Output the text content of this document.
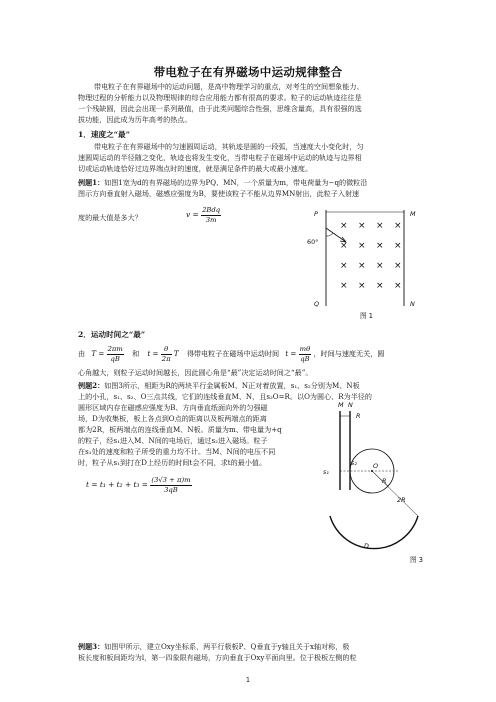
带电粒子在有界磁场中运动规律整合
带电粒子在有界磁场中的运动问题，是高中物理学习的重点，对考生的空间想象能力、
物理过程的分析能力以及物理规律的综合应用能力都有很高的要求。粒子的运动轨迹往往是
一个残缺圆，因此会出现一系列最值，由于此类问题综合性强，思维含量高，具有很强的选
拔功能，因此成为历年高考的热点。
1．速度之“最”
带电粒子在有界磁场中的匀速圆周运动，其轨迹是圆的一段弧，当速度大小变化时，匀
速圆周运动的半径随之变化，轨迹也将发生变化，当带电粒子在磁场中运动的轨迹与边界相
切或运动轨迹恰好过边界端点时的速度，就是满足条件的最大或最小速度。
例题1：如图1宽为d的有界磁场的边界为PQ、MN，一个质量为m，带电荷量为−q的微粒沿
图示方向垂直射入磁场，磁感应强度为B，要使该粒子不能从边界MN射出，此粒子入射速
$v = \frac{\text{2Bdq}}{3m}$
度的最大值是多大？	P	M
Q	N
60°
× × × ×
× × × ×
× × × ×
× × × ×
图 1
2．运动时间之“最”
由 $T = \frac{2\pi m}{qB}$ 和 $t = \frac{\theta}{2\pi}$ T 得带电粒子在磁场中运动时间 $t = \frac{m\theta}{qB}$ ，时间与速度无关，圆
心角越大，则粒子运动时间越长，因此圆心角是“最”决定运动时间之“最”。
例题2：如图3所示，相距为R的两块平行金属板M、N正对着放置，s₁、s₂分别为M、N板
上的小孔，s₁、s₂、O三点共线，它们的连线垂直M、N，且s₂O=R。以O为圆心、R为半径的
圆形区域内存在磁感应强度为B、方向垂直纸面向外的匀强磁
场，D为收集板，板上各点到O点的距离以及板两端点的距离
都为2R，板两端点的连线垂直M、N板。质量为m、带电量为+q
的粒子，经s₁进入M、N间的电场后，通过s₂进入磁场。粒子
在s₁处的速度和粒子所受的重力均不计。当M、N间的电压不同
时，粒子从s₁到打在D上经历的时间t会不同，求t的最小值。
$t = t_1 + t_2 + t_3 = \frac{(3√3 + \pi)m}{3qB}$
M N
R
s₁
s₂	O
R
2R
D
图 3
例题3：如图甲所示，建立Oxy坐标系，两平行极板P、Q垂直于y轴且关于x轴对称，极
板长度和板间距均为l，第一四象限有磁场，方向垂直于Oxy平面向里。位于极板左侧的粒
1
